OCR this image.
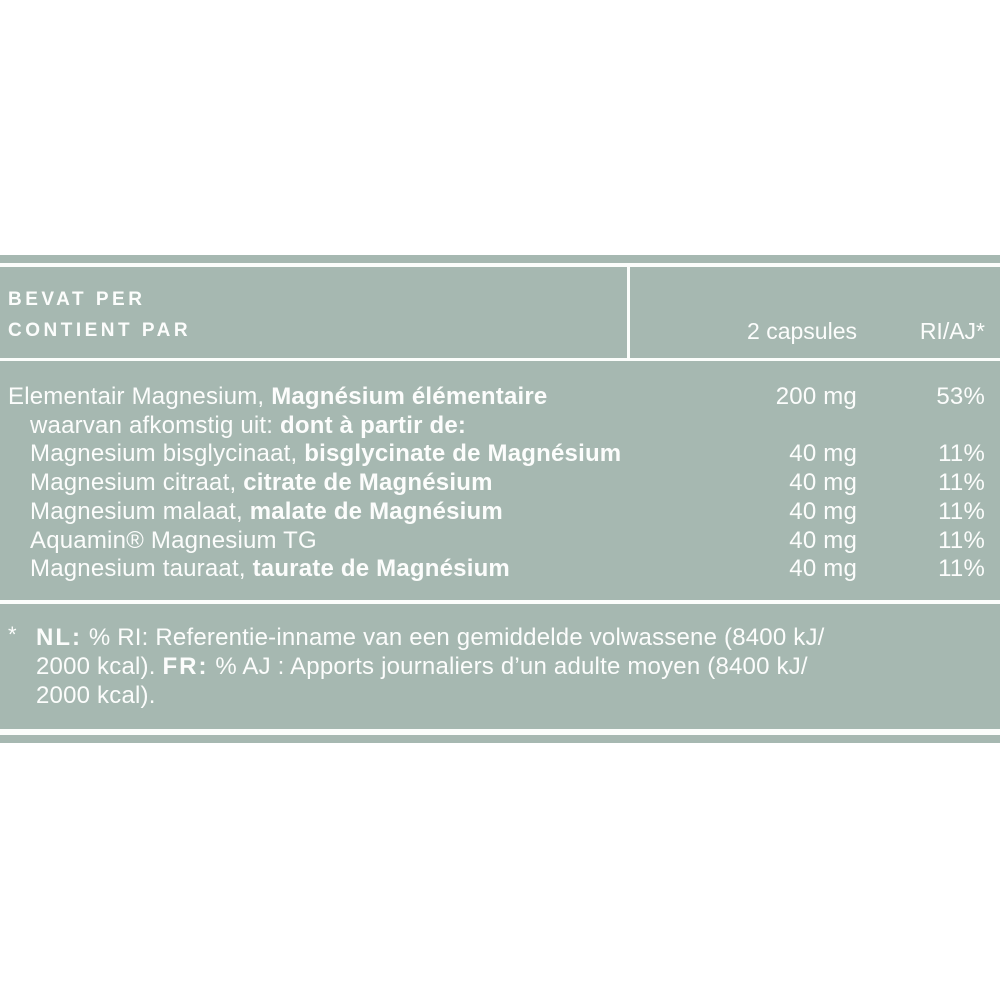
BEVAT PER
CONTIENT PAR	2 capsules	RI/AJ*
Elementair Magnesium, Magnésium élémentaire	200 mg	53%
waarvan afkomstig uit: dont à partir de:
Magnesium bisglycinaat, bisglycinate de Magnésium	40 mg	11%
Magnesium citraat, citrate de Magnésium	40 mg	11%
Magnesium malaat, malate de Magnésium	40 mg	11%
Aquamin® Magnesium TG	40 mg	11%
Magnesium tauraat, taurate de Magnésium	40 mg	11%
* NL: % RI: Referentie-inname van een gemiddelde volwassene (8400 kJ/
2000 kcal). FR: % AJ : Apports journaliers d’un adulte moyen (8400 kJ/
2000 kcal).
